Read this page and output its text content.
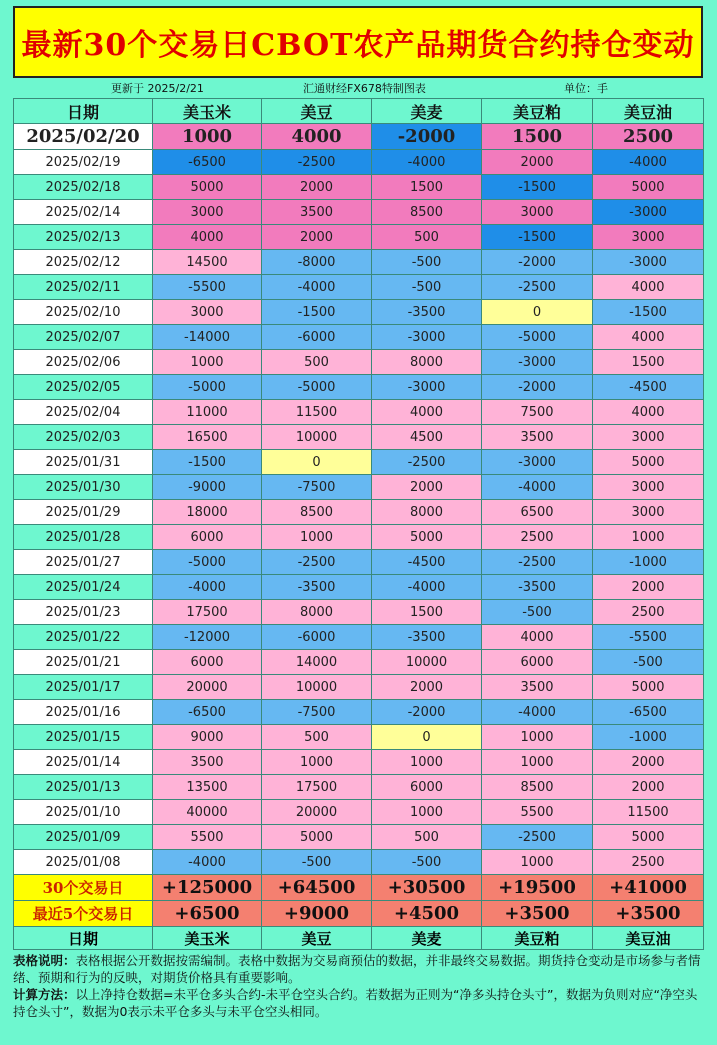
最新30个交易日CBOT农产品期货合约持仓变动
更新于 2025/2/21	汇通财经FX678特制图表	单位：手
日期	美玉米	美豆	美麦	美豆粕	美豆油
2025/02/20	1000	4000	-2000	1500	2500
2025/02/19	-6500	-2500	-4000	2000	-4000
2025/02/18	5000	2000	1500	-1500	5000
2025/02/14	3000	3500	8500	3000	-3000
2025/02/13	4000	2000	500	-1500	3000
2025/02/12	14500	-8000	-500	-2000	-3000
2025/02/11	-5500	-4000	-500	-2500	4000
2025/02/10	3000	-1500	-3500	0	-1500
2025/02/07	-14000	-6000	-3000	-5000	4000
2025/02/06	1000	500	8000	-3000	1500
2025/02/05	-5000	-5000	-3000	-2000	-4500
2025/02/04	11000	11500	4000	7500	4000
2025/02/03	16500	10000	4500	3500	3000
2025/01/31	-1500	0	-2500	-3000	5000
2025/01/30	-9000	-7500	2000	-4000	3000
2025/01/29	18000	8500	8000	6500	3000
2025/01/28	6000	1000	5000	2500	1000
2025/01/27	-5000	-2500	-4500	-2500	-1000
2025/01/24	-4000	-3500	-4000	-3500	2000
2025/01/23	17500	8000	1500	-500	2500
2025/01/22	-12000	-6000	-3500	4000	-5500
2025/01/21	6000	14000	10000	6000	-500
2025/01/17	20000	10000	2000	3500	5000
2025/01/16	-6500	-7500	-2000	-4000	-6500
2025/01/15	9000	500	0	1000	-1000
2025/01/14	3500	1000	1000	1000	2000
2025/01/13	13500	17500	6000	8500	2000
2025/01/10	40000	20000	1000	5500	11500
2025/01/09	5500	5000	500	-2500	5000
2025/01/08	-4000	-500	-500	1000	2500
30个交易日	+125000	+64500	+30500	+19500	+41000
最近5个交易日	+6500	+9000	+4500	+3500	+3500
日期	美玉米	美豆	美麦	美豆粕	美豆油
表格说明：表格根据公开数据按需编制。表格中数据为交易商预估的数据，并非最终交易数据。期货持仓变动是市场参与者情绪、预期和行为的反映，对期货价格具有重要影响。
计算方法：以上净持仓数据=未平仓多头合约-未平仓空头合约。若数据为正则为“净多头持仓头寸”，数据为负则对应“净空头持仓头寸”，数据为0表示未平仓多头与未平仓空头相同。
